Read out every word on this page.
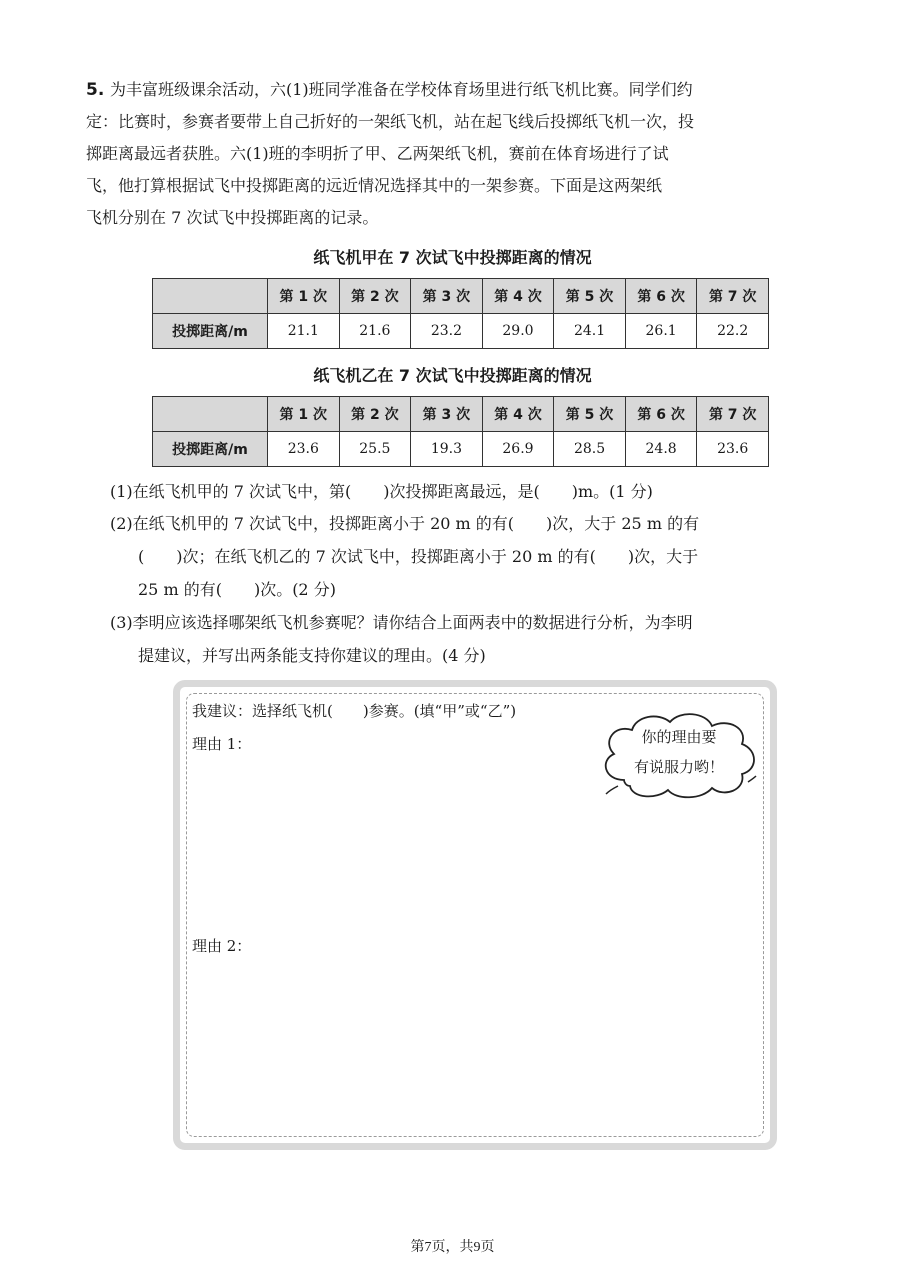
5. 为丰富班级课余活动，六(1)班同学准备在学校体育场里进行纸飞机比赛。同学们约
定：比赛时，参赛者要带上自己折好的一架纸飞机，站在起飞线后投掷纸飞机一次，投
掷距离最远者获胜。六(1)班的李明折了甲、乙两架纸飞机，赛前在体育场进行了试
飞，他打算根据试飞中投掷距离的远近情况选择其中的一架参赛。下面是这两架纸
飞机分别在 7 次试飞中投掷距离的记录。
纸飞机甲在 7 次试飞中投掷距离的情况
	第 1 次	第 2 次	第 3 次	第 4 次	第 5 次	第 6 次	第 7 次
投掷距离/m	21.1	21.6	23.2	29.0	24.1	26.1	22.2
纸飞机乙在 7 次试飞中投掷距离的情况
	第 1 次	第 2 次	第 3 次	第 4 次	第 5 次	第 6 次	第 7 次
投掷距离/m	23.6	25.5	19.3	26.9	28.5	24.8	23.6
(1)在纸飞机甲的 7 次试飞中，第(　　)次投掷距离最远，是(　　)m。(1 分)
(2)在纸飞机甲的 7 次试飞中，投掷距离小于 20 m 的有(　　)次，大于 25 m 的有
(　　)次；在纸飞机乙的 7 次试飞中，投掷距离小于 20 m 的有(　　)次，大于
25 m 的有(　　)次。(2 分)
(3)李明应该选择哪架纸飞机参赛呢？请你结合上面两表中的数据进行分析，为李明
提建议，并写出两条能支持你建议的理由。(4 分)
我建议：选择纸飞机(　　)参赛。(填“甲”或“乙”)
理由 1：
理由 2：
你的理由要
有说服力哟！
第7页，共9页
